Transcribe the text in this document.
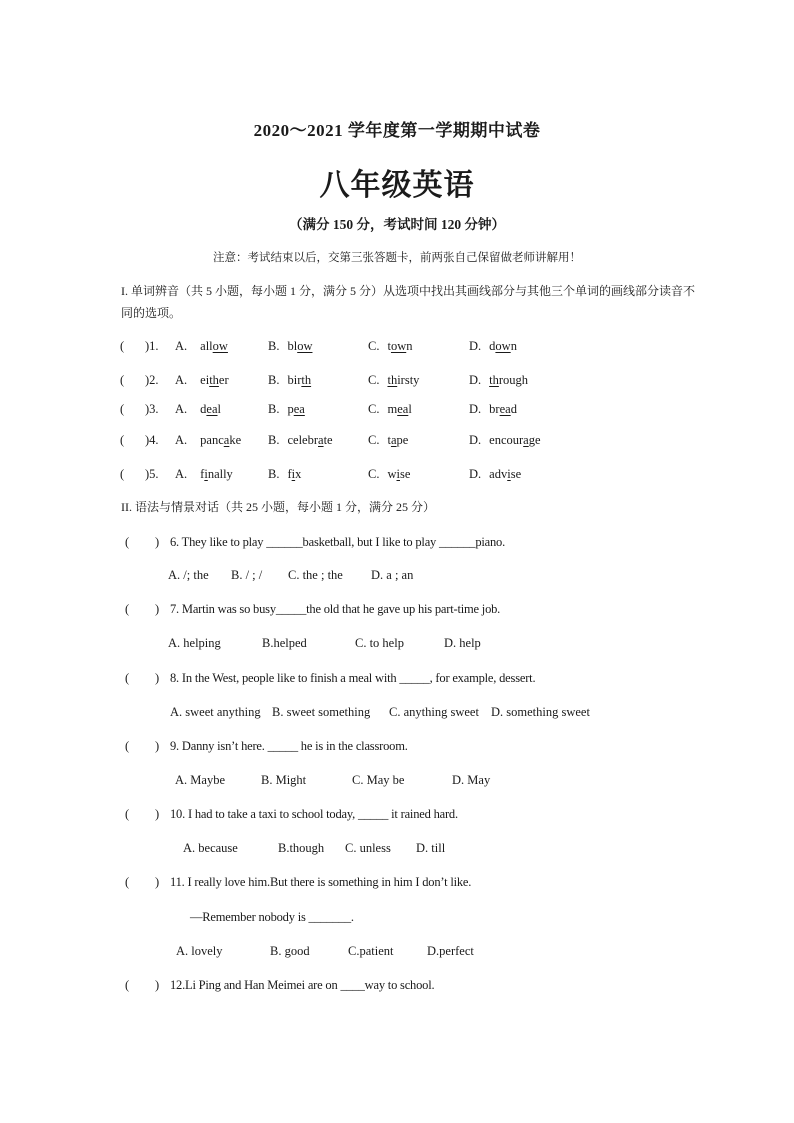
2020～2021 学年度第一学期期中试卷
八年级英语
（满分 150 分，考试时间 120 分钟）
注意：考试结束以后，交第三张答题卡，前两张自己保留做老师讲解用！
I. 单词辨音（共 5 小题，每小题 1 分，满分 5 分）从选项中找出其画线部分与其他三个单词的画线部分读音不同的选项。
( )1. A. allow	B. blow	C. town	D. down
( )2. A. either	B. birth	C. thirsty	D. through
( )3. A. deal	B. pea	C. meal	D. bread
( )4. A. pancake B. celebrate	C. tape	D. encourage
( )5. A. finally	B. fix	C. wise	D. advise
II. 语法与情景对话（共 25 小题，每小题 1 分，满分 25 分）
( ) 6. They like to play ______basketball, but I like to play ______piano.
A. /; the B. / ; / C. the ; the D. a ; an
( ) 7. Martin was so busy_____the old that he gave up his part-time job.
A. helping	B.helped	C. to help	D. help
( ) 8. In the West, people like to finish a meal with _____, for example, dessert.
A. sweet anything B. sweet something C. anything sweet D. something sweet
( ) 9. Danny isn’t here. _____ he is in the classroom.
A. Maybe	B. Might	C. May be	D. May
( ) 10. I had to take a taxi to school today, _____ it rained hard.
A. because	B.though C. unless D. till
( ) 11. I really love him.But there is something in him I don’t like.
—Remember nobody is _______.
A. lovely	B. good	C.patient	D.perfect
( ) 12.Li Ping and Han Meimei are on ____way to school.
